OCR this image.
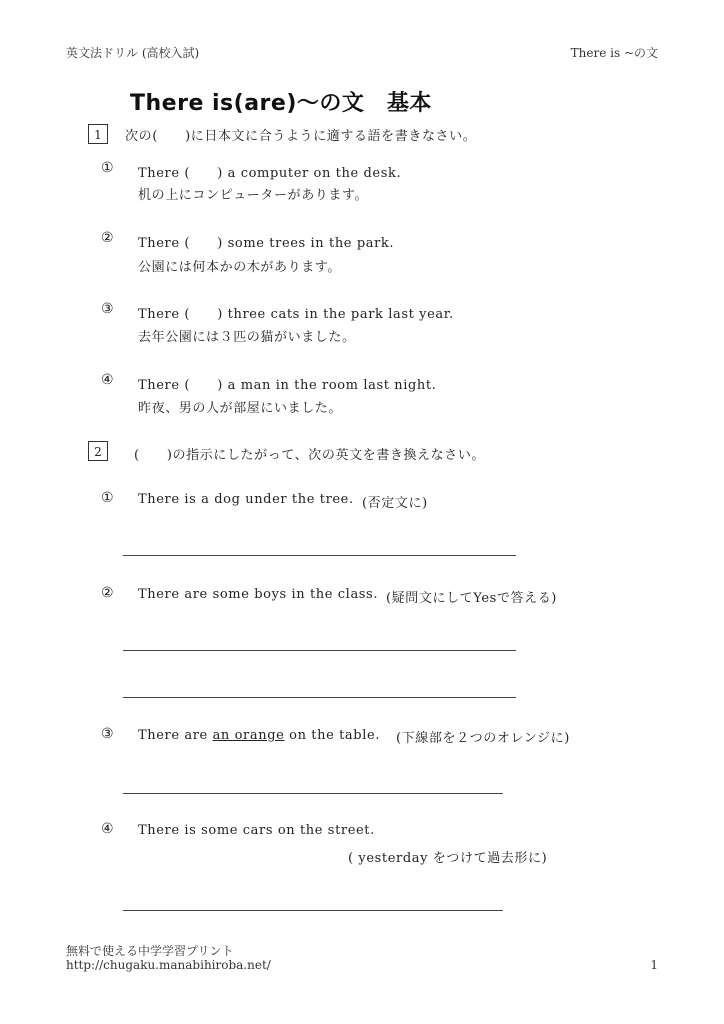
英文法ドリル (高校入試)	There is ~の文
There is(are)〜の文　基本
1	次の(　　)に日本文に合うように適する語を書きなさい。
① There (　　) a computer on the desk.
机の上にコンピューターがあります。
② There (　　) some trees in the park.
公園には何本かの木があります。
③ There (　　) three cats in the park last year.
去年公園には３匹の猫がいました。
④ There (　　) a man in the room last night.
昨夜、男の人が部屋にいました。
2	(　　)の指示にしたがって、次の英文を書き換えなさい。
① There is a dog under the tree. (否定文に)
② There are some boys in the class. (疑問文にしてYesで答える)
③ There are an orange on the table. (下線部を２つのオレンジに)
④ There is some cars on the street.
( yesterday をつけて過去形に)
無料で使える中学学習プリント
http://chugaku.manabihiroba.net/	1
